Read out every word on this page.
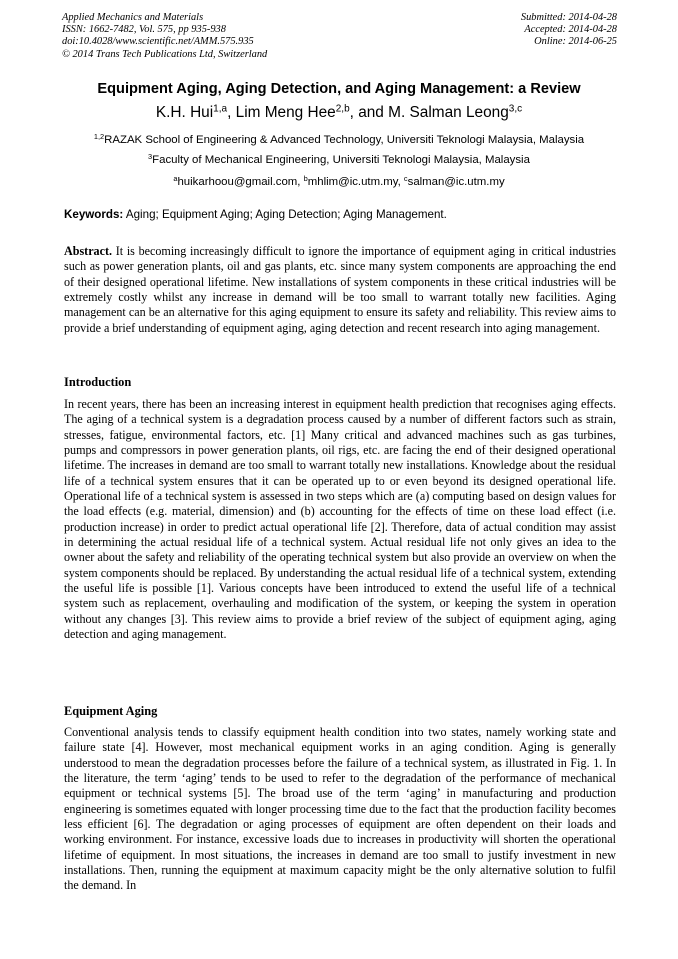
Applied Mechanics and Materials
ISSN: 1662-7482, Vol. 575, pp 935-938
doi:10.4028/www.scientific.net/AMM.575.935
© 2014 Trans Tech Publications Ltd, Switzerland
Submitted: 2014-04-28
Accepted: 2014-04-28
Online: 2014-06-25
Equipment Aging, Aging Detection, and Aging Management: a Review
K.H. Hui$^{1,a}$, Lim Meng Hee$^{2,b}$, and M. Salman Leong$^{3,c}$
$^{1,2}$RAZAK School of Engineering & Advanced Technology, Universiti Teknologi Malaysia, Malaysia
$^3$Faculty of Mechanical Engineering, Universiti Teknologi Malaysia, Malaysia
$^a$huikarhoou@gmail.com, $^b$mhlim@ic.utm.my, $^c$salman@ic.utm.my
Keywords: Aging; Equipment Aging; Aging Detection; Aging Management.
Abstract. It is becoming increasingly difficult to ignore the importance of equipment aging in critical industries such as power generation plants, oil and gas plants, etc. since many system components are approaching the end of their designed operational lifetime. New installations of system components in these critical industries will be extremely costly whilst any increase in demand will be too small to warrant totally new facilities. Aging management can be an alternative for this aging equipment to ensure its safety and reliability. This review aims to provide a brief understanding of equipment aging, aging detection and recent research into aging management.
Introduction
In recent years, there has been an increasing interest in equipment health prediction that recognises aging effects. The aging of a technical system is a degradation process caused by a number of different factors such as strain, stresses, fatigue, environmental factors, etc. [1] Many critical and advanced machines such as gas turbines, pumps and compressors in power generation plants, oil rigs, etc. are facing the end of their designed operational lifetime. The increases in demand are too small to warrant totally new installations. Knowledge about the residual life of a technical system ensures that it can be operated up to or even beyond its designed operational life. Operational life of a technical system is assessed in two steps which are (a) computing based on design values for the load effects (e.g. material, dimension) and (b) accounting for the effects of time on these load effect (i.e. production increase) in order to predict actual operational life [2]. Therefore, data of actual condition may assist in determining the actual residual life of a technical system. Actual residual life not only gives an idea to the owner about the safety and reliability of the operating technical system but also provide an overview on when the system components should be replaced. By understanding the actual residual life of a technical system, extending the useful life is possible [1]. Various concepts have been introduced to extend the useful life of a technical system such as replacement, overhauling and modification of the system, or keeping the system in operation without any changes [3]. This review aims to provide a brief review of the subject of equipment aging, aging detection and aging management.
Equipment Aging
Conventional analysis tends to classify equipment health condition into two states, namely working state and failure state [4]. However, most mechanical equipment works in an aging condition. Aging is generally understood to mean the degradation processes before the failure of a technical system, as illustrated in Fig. 1. In the literature, the term ‘aging’ tends to be used to refer to the degradation of the performance of mechanical equipment or technical systems [5]. The broad use of the term ‘aging’ in manufacturing and production engineering is sometimes equated with longer processing time due to the fact that the production facility becomes less efficient [6]. The degradation or aging processes of equipment are often dependent on their loads and working environment. For instance, excessive loads due to increases in productivity will shorten the operational lifetime of equipment. In most situations, the increases in demand are too small to justify investment in new installations. Then, running the equipment at maximum capacity might be the only alternative solution to fulfil the demand. In
